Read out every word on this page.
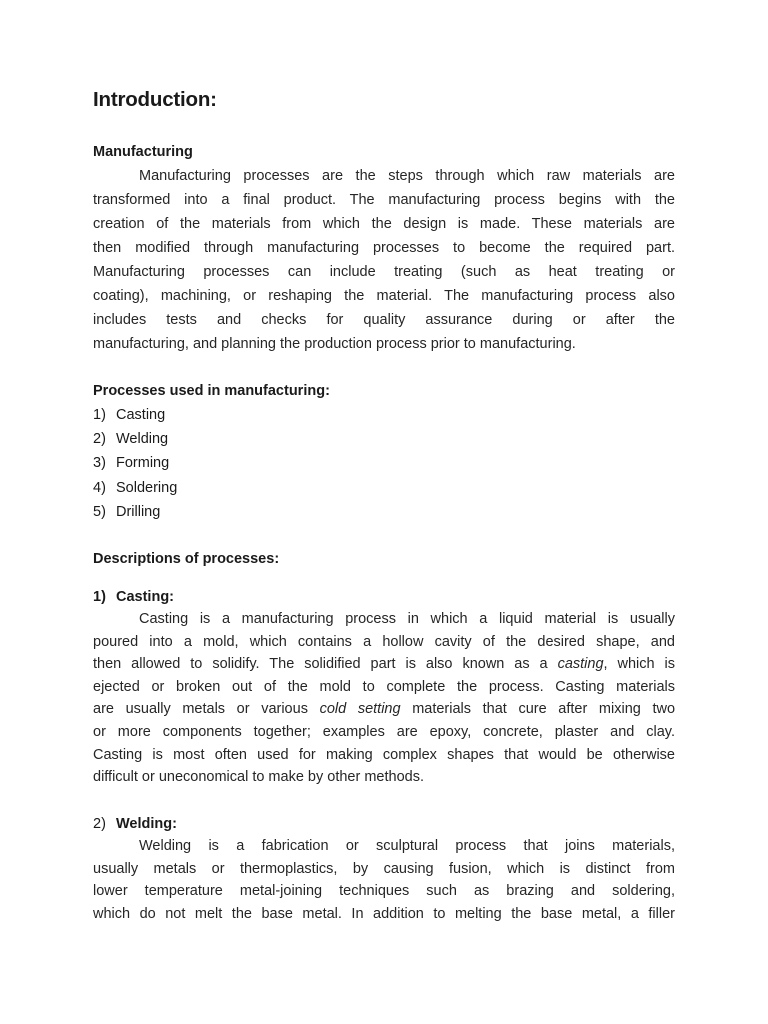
Introduction:
Manufacturing
Manufacturing processes are the steps through which raw materials are
transformed into a final product. The manufacturing process begins with the
creation of the materials from which the design is made. These materials are
then modified through manufacturing processes to become the required part.
Manufacturing processes can include treating (such as heat treating or
coating), machining, or reshaping the material. The manufacturing process also
includes tests and checks for quality assurance during or after the
manufacturing, and planning the production process prior to manufacturing.
Processes used in manufacturing:
1) Casting
2) Welding
3) Forming
4) Soldering
5) Drilling
Descriptions of processes:
1) Casting:
Casting is a manufacturing process in which a liquid material is usually
poured into a mold, which contains a hollow cavity of the desired shape, and
then allowed to solidify. The solidified part is also known as a casting, which is
ejected or broken out of the mold to complete the process. Casting materials
are usually metals or various cold setting materials that cure after mixing two
or more components together; examples are epoxy, concrete, plaster and clay.
Casting is most often used for making complex shapes that would be otherwise
difficult or uneconomical to make by other methods.
2) Welding:
Welding is a fabrication or sculptural process that joins materials,
usually metals or thermoplastics, by causing fusion, which is distinct from
lower temperature metal-joining techniques such as brazing and soldering,
which do not melt the base metal. In addition to melting the base metal, a filler
